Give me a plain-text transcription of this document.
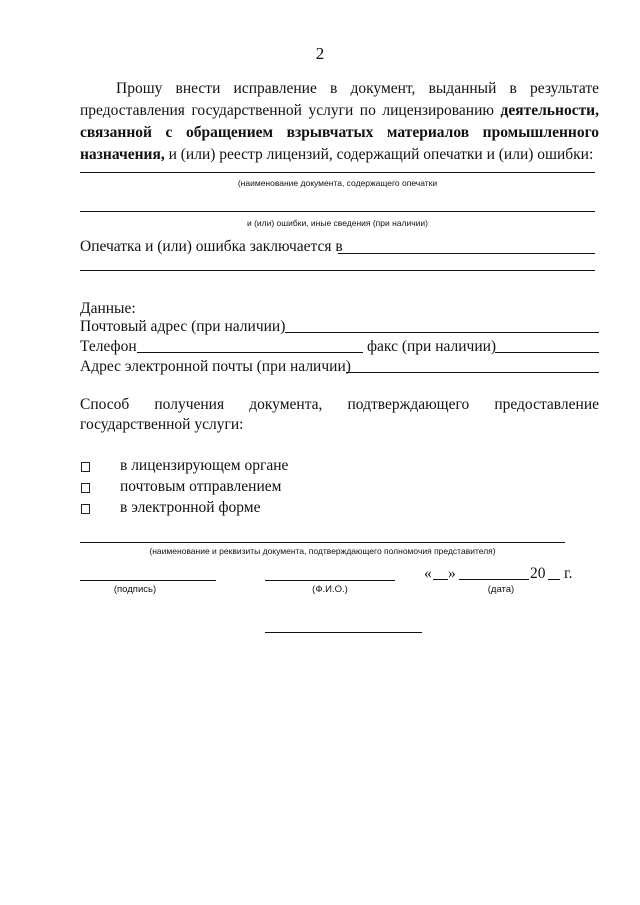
2

Прошу внести исправление в документ, выданный в результате предоставления государственной услуги по лицензированию деятельности, связанной с обращением взрывчатых материалов промышленного назначения, и (или) реестр лицензий, содержащий опечатки и (или) ошибки:

(наименование документа, содержащего опечатки
и (или) ошибки, иные сведения (при наличии)
Опечатка и (или) ошибка заключается в
Данные:
Почтовый адрес (при наличии)
Телефон	факс (при наличии)
Адрес электронной почты (при наличии)
Способ получения документа, подтверждающего предоставление
государственной услуги:
в лицензирующем органе
почтовым отправлением
в электронной форме
(наименование и реквизиты документа, подтверждающего полномочия представителя)
« »	20 г.
(подпись)	(Ф.И.О.)	(дата)
